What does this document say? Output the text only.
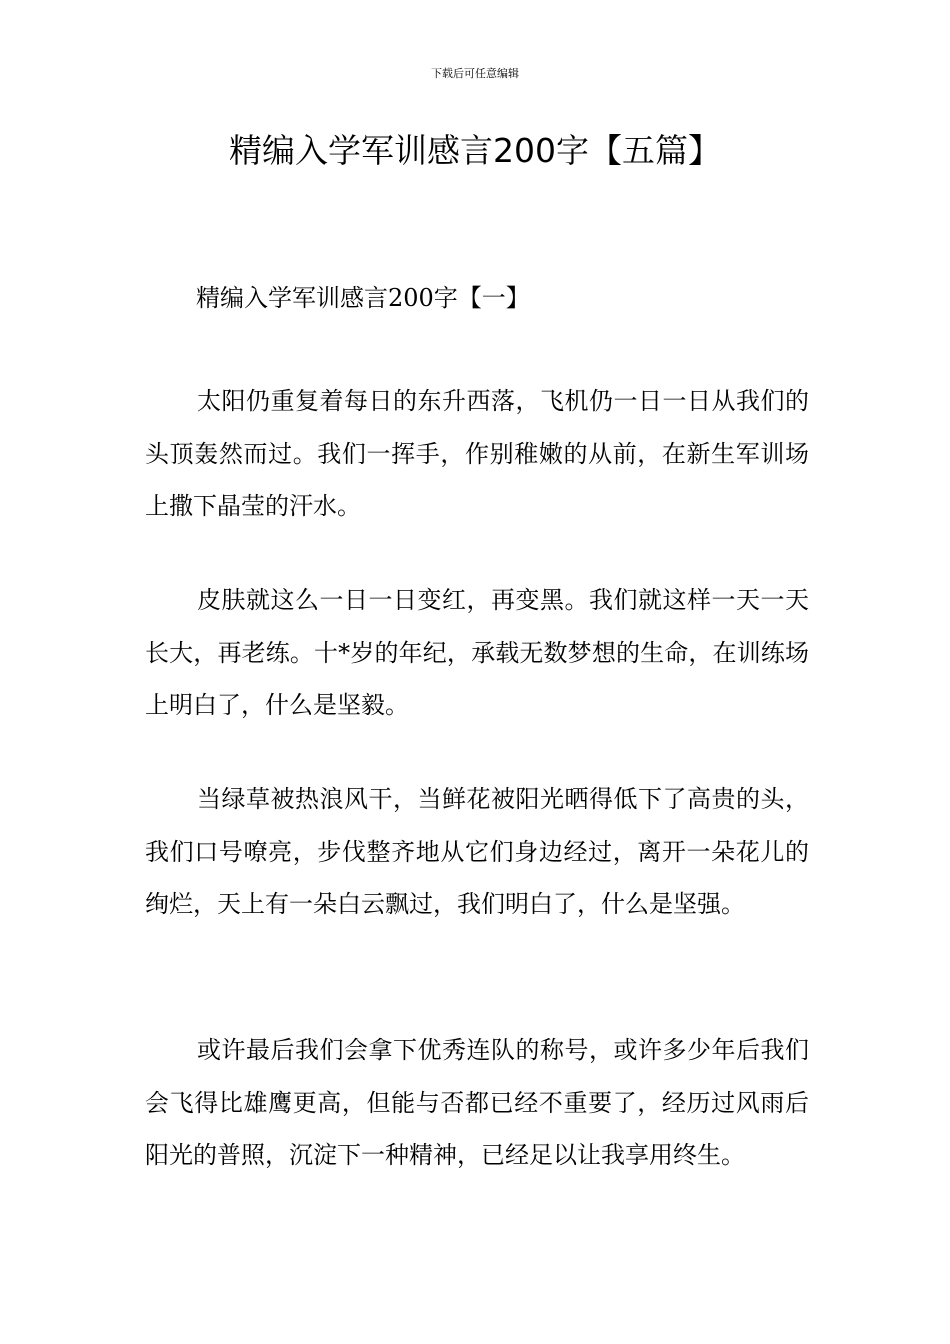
下载后可任意编辑
精编入学军训感言200字【五篇】
精编入学军训感言200字【一】

太阳仍重复着每日的东升西落，飞机仍一日一日从我们的头顶轰然而过。我们一挥手，作别稚嫩的从前，在新生军训场上撒下晶莹的汗水。

皮肤就这么一日一日变红，再变黑。我们就这样一天一天长大，再老练。十*岁的年纪，承载无数梦想的生命，在训练场上明白了，什么是坚毅。

当绿草被热浪风干，当鲜花被阳光晒得低下了高贵的头，我们口号嘹亮，步伐整齐地从它们身边经过，离开一朵花儿的绚烂，天上有一朵白云飘过，我们明白了，什么是坚强。

或许最后我们会拿下优秀连队的称号，或许多少年后我们会飞得比雄鹰更高，但能与否都已经不重要了，经历过风雨后阳光的普照，沉淀下一种精神，已经足以让我享用终生。
